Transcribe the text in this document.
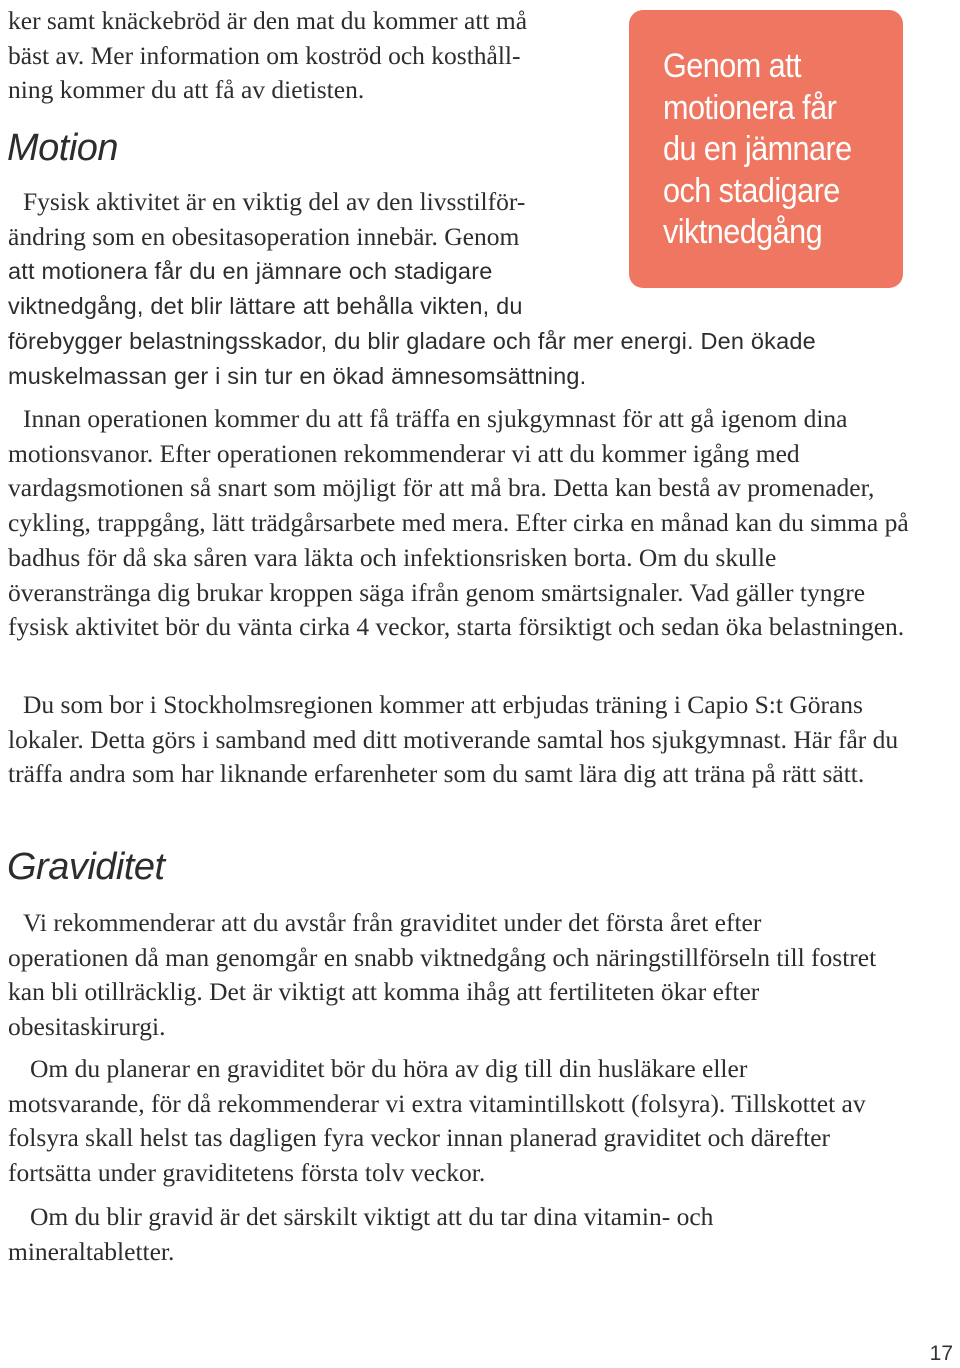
ker samt knäckebröd är den mat du kommer att må
bäst av. Mer information om koströd och kosthåll-
ning kommer du att få av dietisten.
Motion

Genom att
motionera får
du en jämnare
och stadigare
viktnedgång

Fysisk aktivitet är en viktig del av den livsstilför-
ändring som en obesitasoperation innebär. Genom
att motionera får du en jämnare och stadigare
viktnedgång, det blir lättare att behålla vikten, du
förebygger belastningsskador, du blir gladare och får mer energi. Den ökade
muskelmassan ger i sin tur en ökad ämnesomsättning.

Innan operationen kommer du att få träffa en sjukgymnast för att gå igenom dina motionsvanor. Efter operationen rekommenderar vi att du kommer igång med vardagsmotionen så snart som möjligt för att må bra. Detta kan bestå av promenader, cykling, trappgång, lätt trädgårsarbete med mera. Efter cirka en månad kan du simma på badhus för då ska såren vara läkta och infektionsrisken borta. Om du skulle överanstränga dig brukar kroppen säga ifrån genom smärtsignaler. Vad gäller tyngre fysisk aktivitet bör du vänta cirka 4 veckor, starta försiktigt och sedan öka belastningen.

Du som bor i Stockholmsregionen kommer att erbjudas träning i Capio S:t Görans lokaler. Detta görs i samband med ditt motiverande samtal hos sjukgymnast. Här får du träffa andra som har liknande erfarenheter som du samt lära dig att träna på rätt sätt.

Graviditet

Vi rekommenderar att du avstår från graviditet under det första året efter operationen då man genomgår en snabb viktnedgång och näringstillförseln till fostret kan bli otillräcklig. Det är viktigt att komma ihåg att fertiliteten ökar efter obesitaskirurgi.

Om du planerar en graviditet bör du höra av dig till din husläkare eller motsvarande, för då rekommenderar vi extra vitamintillskott (folsyra). Tillskottet av folsyra skall helst tas dagligen fyra veckor innan planerad graviditet och därefter fortsätta under graviditetens första tolv veckor.

Om du blir gravid är det särskilt viktigt att du tar dina vitamin- och mineraltabletter.

17
